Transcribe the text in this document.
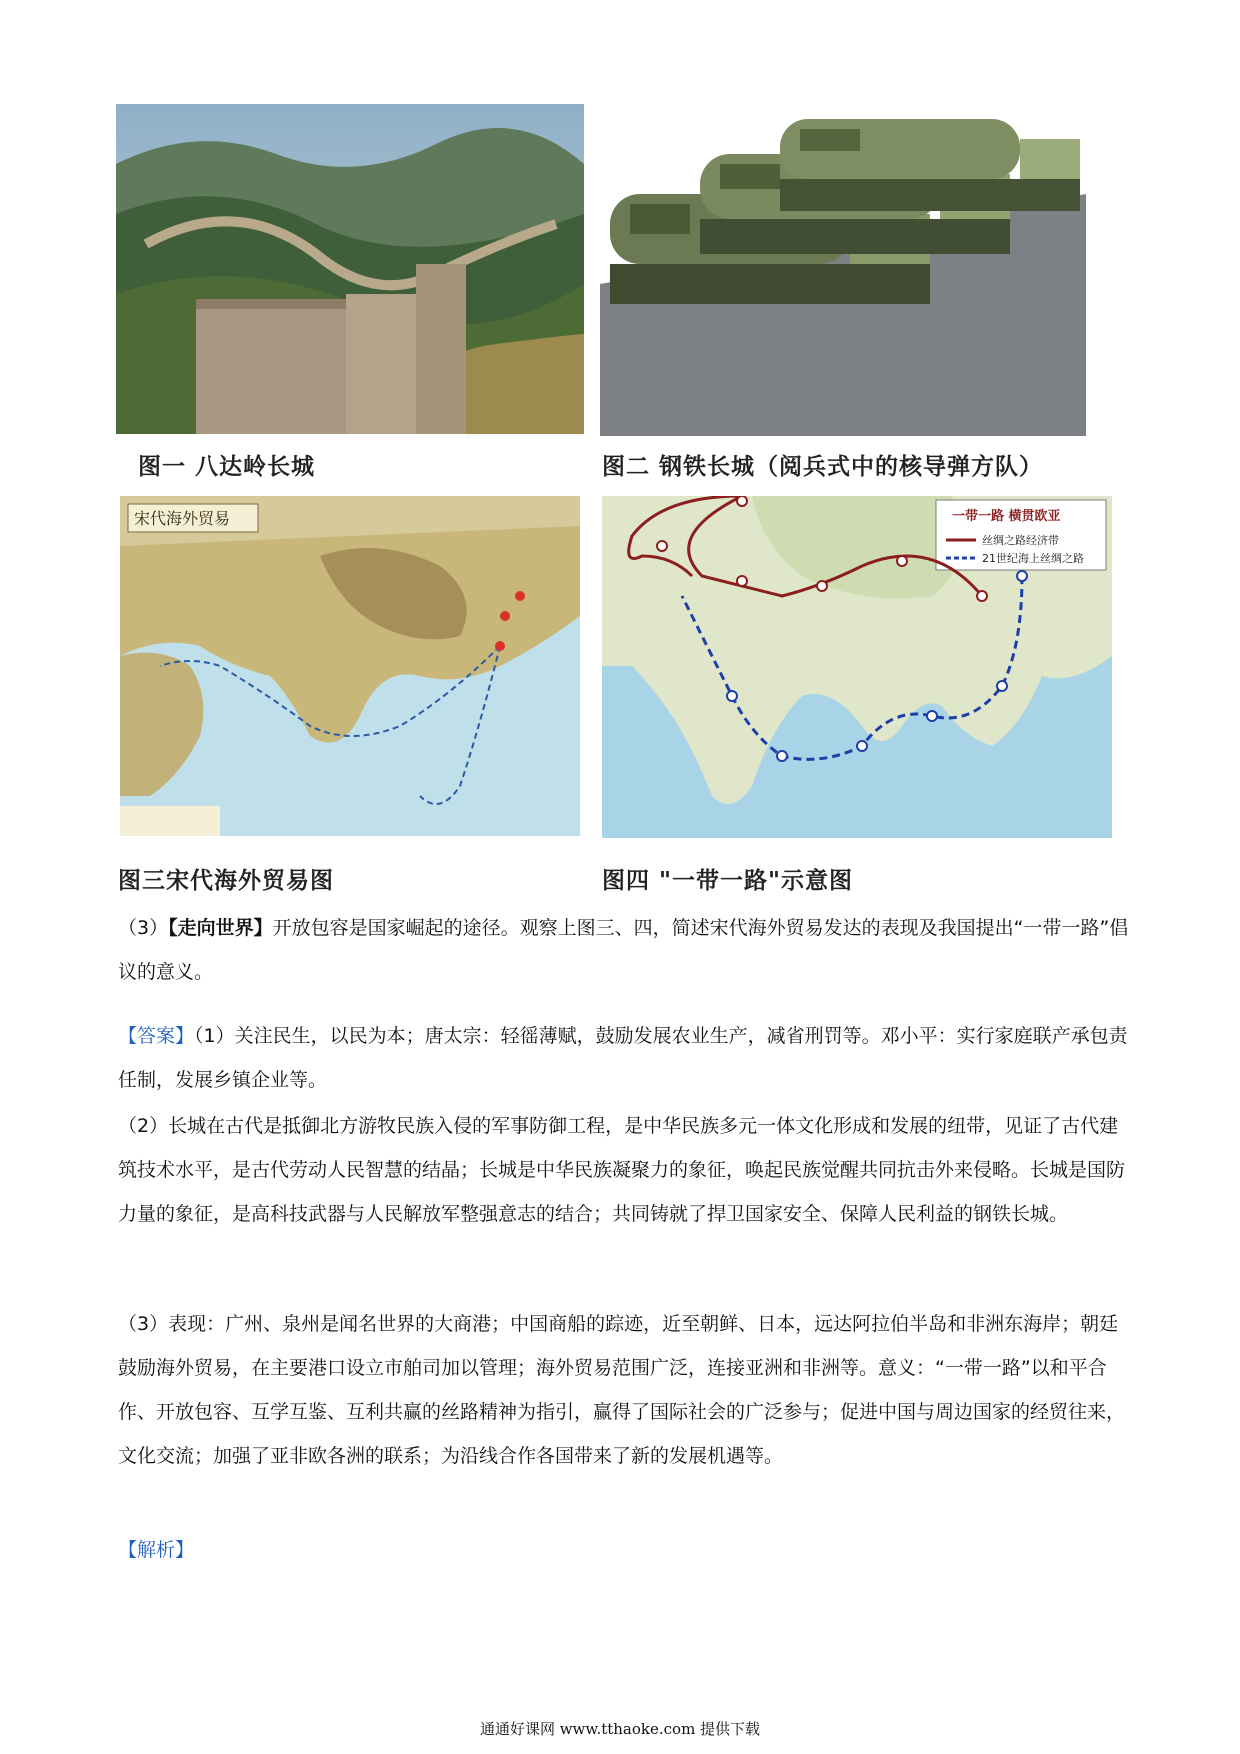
图一 八达岭长城	图二 钢铁长城（阅兵式中的核导弹方队）
宋代海外贸易
图三宋代海外贸易图
一带一路 横贯欧亚
丝绸之路经济带
21世纪海上丝绸之路
图四 "一带一路"示意图
（3）【走向世界】开放包容是国家崛起的途径。观察上图三、四，简述宋代海外贸易发达的表现及我国提出“一带一路”倡议的意义。
【答案】（1）关注民生，以民为本；唐太宗：轻徭薄赋，鼓励发展农业生产，减省刑罚等。邓小平：实行家庭联产承包责任制，发展乡镇企业等。
（2）长城在古代是抵御北方游牧民族入侵的军事防御工程，是中华民族多元一体文化形成和发展的纽带，见证了古代建筑技术水平，是古代劳动人民智慧的结晶；长城是中华民族凝聚力的象征，唤起民族觉醒共同抗击外来侵略。长城是国防力量的象征，是高科技武器与人民解放军整强意志的结合；共同铸就了捍卫国家安全、保障人民利益的钢铁长城。
（3）表现：广州、泉州是闻名世界的大商港；中国商船的踪迹，近至朝鲜、日本，远达阿拉伯半岛和非洲东海岸；朝廷鼓励海外贸易，在主要港口设立市舶司加以管理；海外贸易范围广泛，连接亚洲和非洲等。意义：“一带一路”以和平合作、开放包容、互学互鉴、互利共赢的丝路精神为指引，赢得了国际社会的广泛参与；促进中国与周边国家的经贸往来，文化交流；加强了亚非欧各洲的联系；为沿线合作各国带来了新的发展机遇等。
【解析】
通通好课网 www.tthaoke.com 提供下载
